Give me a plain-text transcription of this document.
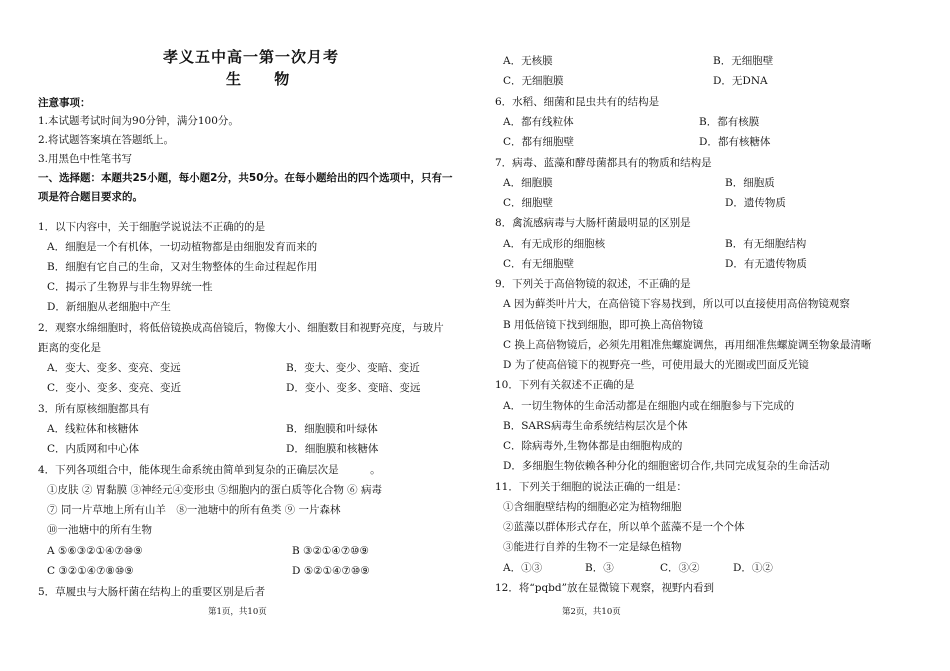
孝义五中高一第一次月考
生 物
注意事项：
1.本试题考试时间为90分钟，满分100分。
2.将试题答案填在答题纸上。
3.用黑色中性笔书写
一、选择题：本题共25小题，每小题2分，共50分。在每小题给出的四个选项中，只有一
项是符合题目要求的。
1．以下内容中，关于细胞学说说法不正确的的是
A．细胞是一个有机体，一切动植物都是由细胞发育而来的
B．细胞有它自己的生命，又对生物整体的生命过程起作用
C．揭示了生物界与非生物界统一性
D．新细胞从老细胞中产生
2．观察水绵细胞时，将低倍镜换成高倍镜后，物像大小、细胞数目和视野亮度，与玻片
距离的变化是
A．变大、变多、变亮、变远	B．变大、变少、变暗、变近
C．变小、变多、变亮、变近	D．变小、变多、变暗、变远
3．所有原核细胞都具有
A．线粒体和核糖体	B．细胞膜和叶绿体
C．内质网和中心体	D．细胞膜和核糖体
4．下列各项组合中，能体现生命系统由简单到复杂的正确层次是　　　。
①皮肤 ② 胃黏膜 ③神经元④变形虫 ⑤细胞内的蛋白质等化合物 ⑥ 病毒
⑦ 同一片草地上所有山羊　⑧一池塘中的所有鱼类 ⑨ 一片森林
⑩一池塘中的所有生物
A ⑤⑥③②①④⑦⑩⑨	B ③②①④⑦⑩⑨
C ③②①④⑦⑧⑩⑨	D ⑤②①④⑦⑩⑨
5．草履虫与大肠杆菌在结构上的重要区别是后者
第1页，共10页
A．无核膜	B．无细胞壁
C．无细胞膜	D．无DNA
6．水稻、细菌和昆虫共有的结构是
A．都有线粒体	B．都有核膜
C．都有细胞壁	D．都有核糖体
7．病毒、蓝藻和酵母菌都具有的物质和结构是
A．细胞膜	B．细胞质
C．细胞壁	D．遗传物质
8．禽流感病毒与大肠杆菌最明显的区别是
A．有无成形的细胞核	B．有无细胞结构
C．有无细胞壁	D．有无遗传物质
9．下列关于高倍物镜的叙述，不正确的是
A 因为藓类叶片大，在高倍镜下容易找到，所以可以直接使用高倍物镜观察
B 用低倍镜下找到细胞，即可换上高倍物镜
C 换上高倍物镜后，必须先用粗准焦螺旋调焦，再用细准焦螺旋调至物象最清晰
D 为了使高倍镜下的视野亮一些，可使用最大的光圈或凹面反光镜
10．下列有关叙述不正确的是
A．一切生物体的生命活动都是在细胞内或在细胞参与下完成的
B．SARS病毒生命系统结构层次是个体
C．除病毒外,生物体都是由细胞构成的
D．多细胞生物依赖各种分化的细胞密切合作,共同完成复杂的生命活动
11．下列关于细胞的说法正确的一组是：
①含细胞壁结构的细胞必定为植物细胞
②蓝藻以群体形式存在，所以单个蓝藻不是一个个体
③能进行自养的生物不一定是绿色植物
A．①③	B．③	C．③②	D．①②
12．将“pqbd”放在显微镜下观察，视野内看到　　　
第2页，共10页
